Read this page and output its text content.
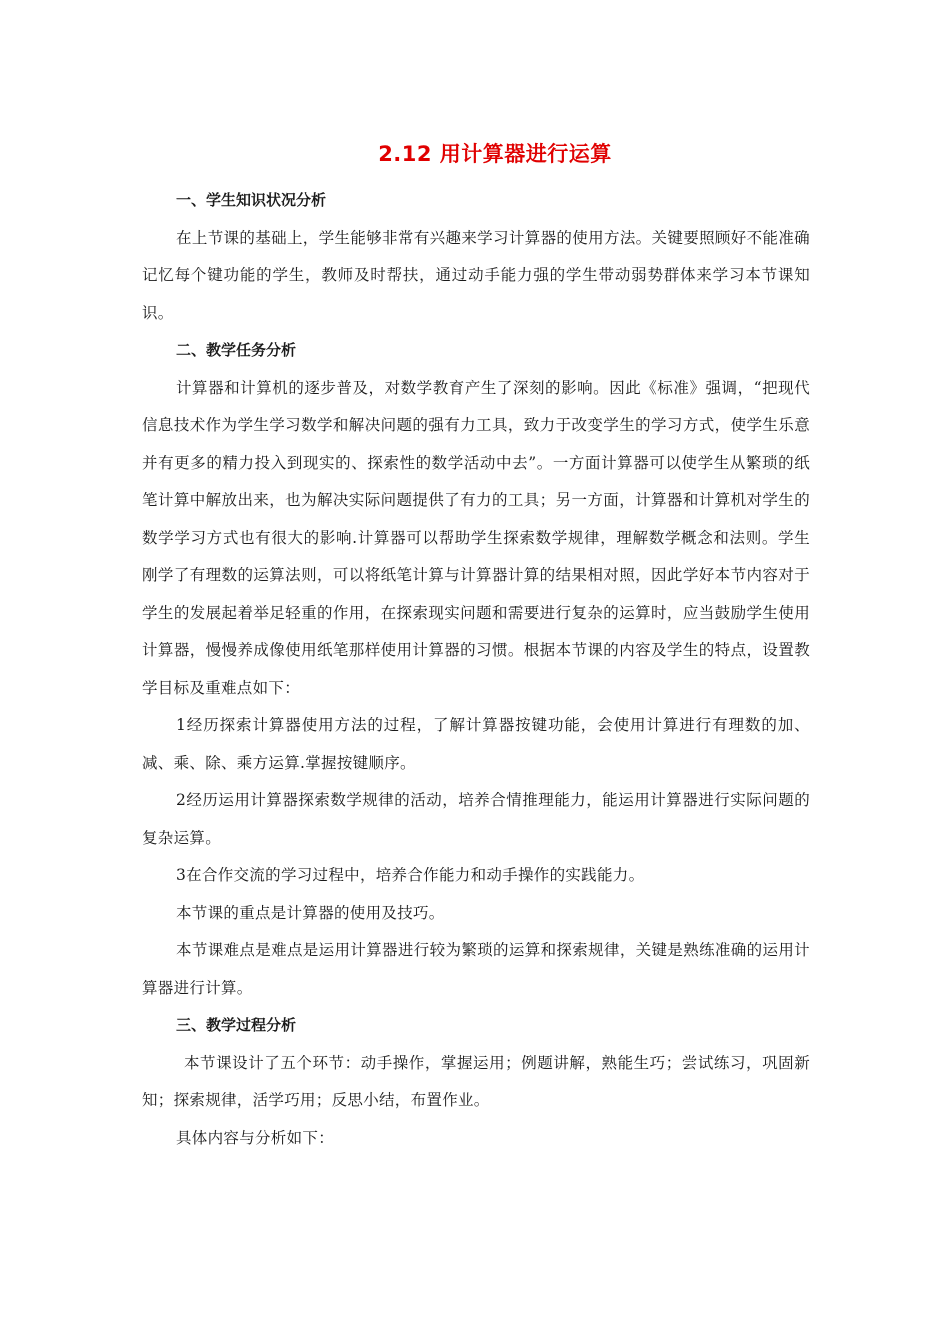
2.12 用计算器进行运算

一、学生知识状况分析

在上节课的基础上，学生能够非常有兴趣来学习计算器的使用方法。关键要照顾好不能准确记忆每个键功能的学生，教师及时帮扶，通过动手能力强的学生带动弱势群体来学习本节课知识。

二、教学任务分析

计算器和计算机的逐步普及，对数学教育产生了深刻的影响。因此《标准》强调，“把现代信息技术作为学生学习数学和解决问题的强有力工具，致力于改变学生的学习方式，使学生乐意并有更多的精力投入到现实的、探索性的数学活动中去”。一方面计算器可以使学生从繁琐的纸笔计算中解放出来，也为解决实际问题提供了有力的工具；另一方面，计算器和计算机对学生的数学学习方式也有很大的影响.计算器可以帮助学生探索数学规律，理解数学概念和法则。学生刚学了有理数的运算法则，可以将纸笔计算与计算器计算的结果相对照，因此学好本节内容对于学生的发展起着举足轻重的作用，在探索现实问题和需要进行复杂的运算时，应当鼓励学生使用计算器，慢慢养成像使用纸笔那样使用计算器的习惯。根据本节课的内容及学生的特点，设置教学目标及重难点如下：

1经历探索计算器使用方法的过程，了解计算器按键功能，会使用计算进行有理数的加、减、乘、除、乘方运算.掌握按键顺序。

2经历运用计算器探索数学规律的活动，培养合情推理能力，能运用计算器进行实际问题的复杂运算。

3在合作交流的学习过程中，培养合作能力和动手操作的实践能力。

本节课的重点是计算器的使用及技巧。

本节课难点是难点是运用计算器进行较为繁琐的运算和探索规律，关键是熟练准确的运用计算器进行计算。

三、教学过程分析

本节课设计了五个环节：动手操作，掌握运用；例题讲解，熟能生巧；尝试练习，巩固新知；探索规律，活学巧用；反思小结，布置作业。

具体内容与分析如下：
